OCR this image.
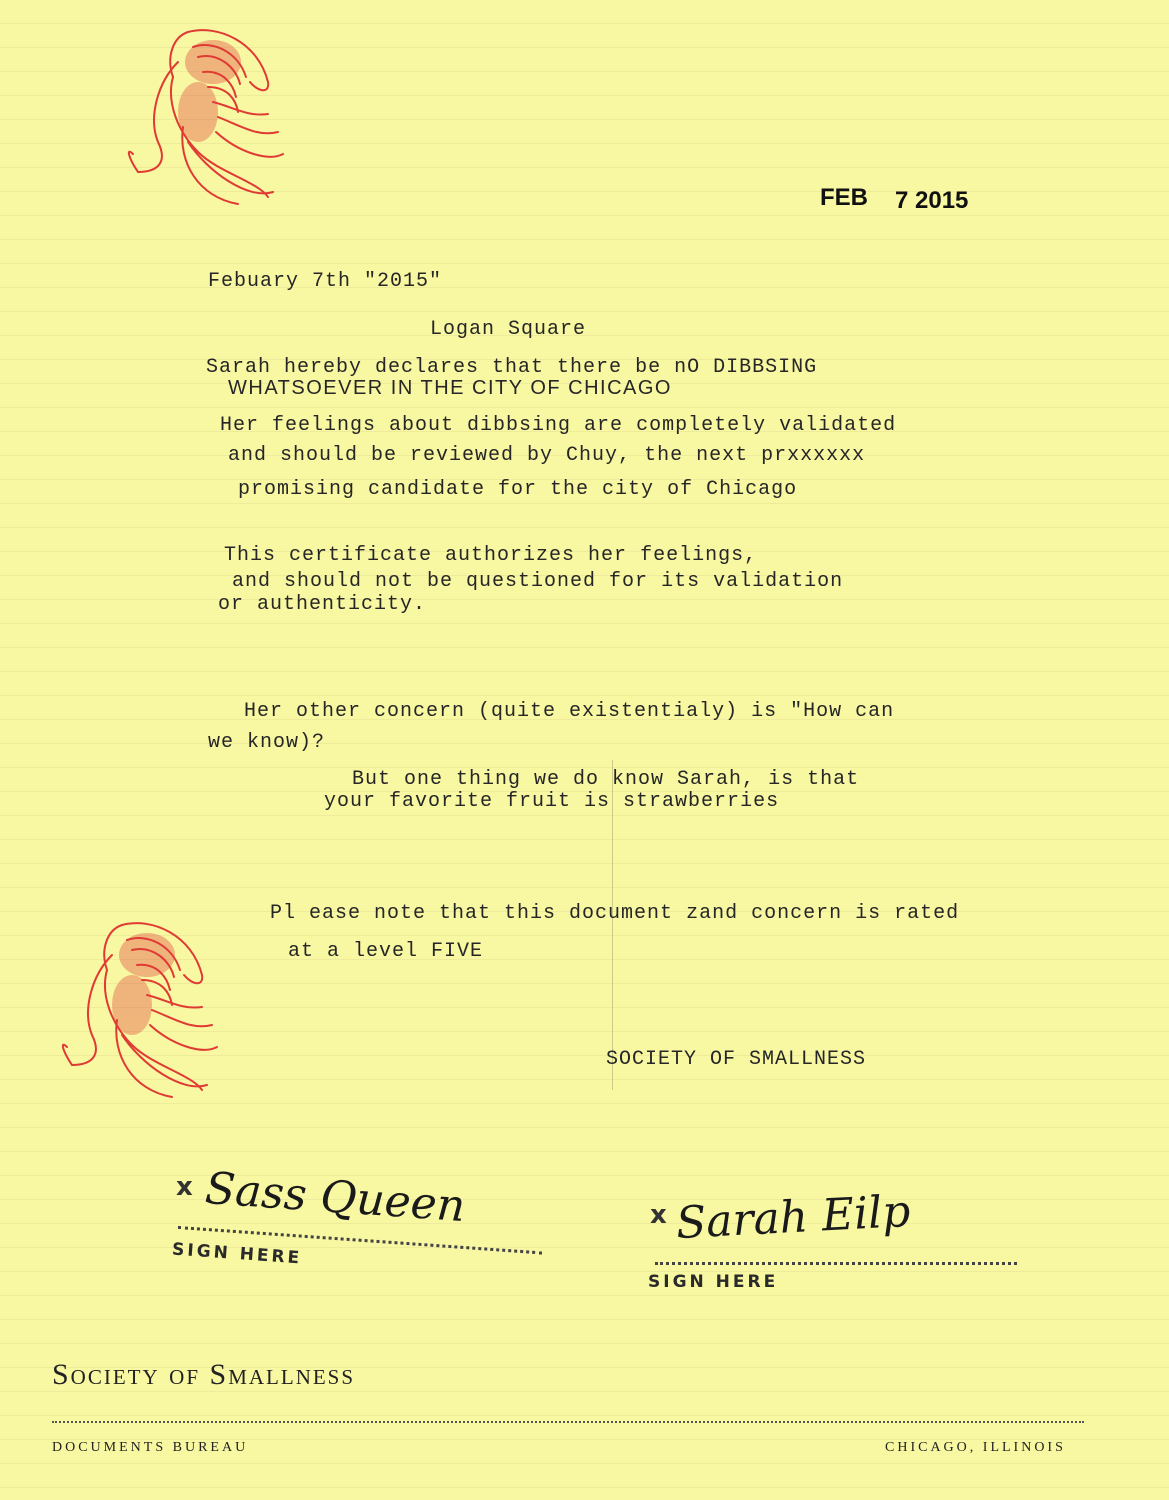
FEB 7 2015
Febuary 7th "2015"
Logan Square
Sarah hereby declares that there be nO DIBBSING
WHATSOEVER IN THE CITY OF CHICAGO
Her feelings about dibbsing are completely validated
and should be reviewed by Chuy, the next prxxxxxx
promising candidate for the city of Chicago
This certificate authorizes her feelings,
and should not be questioned for its validation
or authenticity.
Her other concern (quite existentialy) is "How can
we know)?
But one thing we do know Sarah, is that
your favorite fruit is strawberries
Pl ease note that this document zand concern is rated
at a level FIVE
SOCIETY OF SMALLNESS
x Sass Queen
SIGN HERE
x Sarah Eilp
SIGN HERE
Society of Smallness
DOCUMENTS BUREAU	CHICAGO, ILLINOIS
